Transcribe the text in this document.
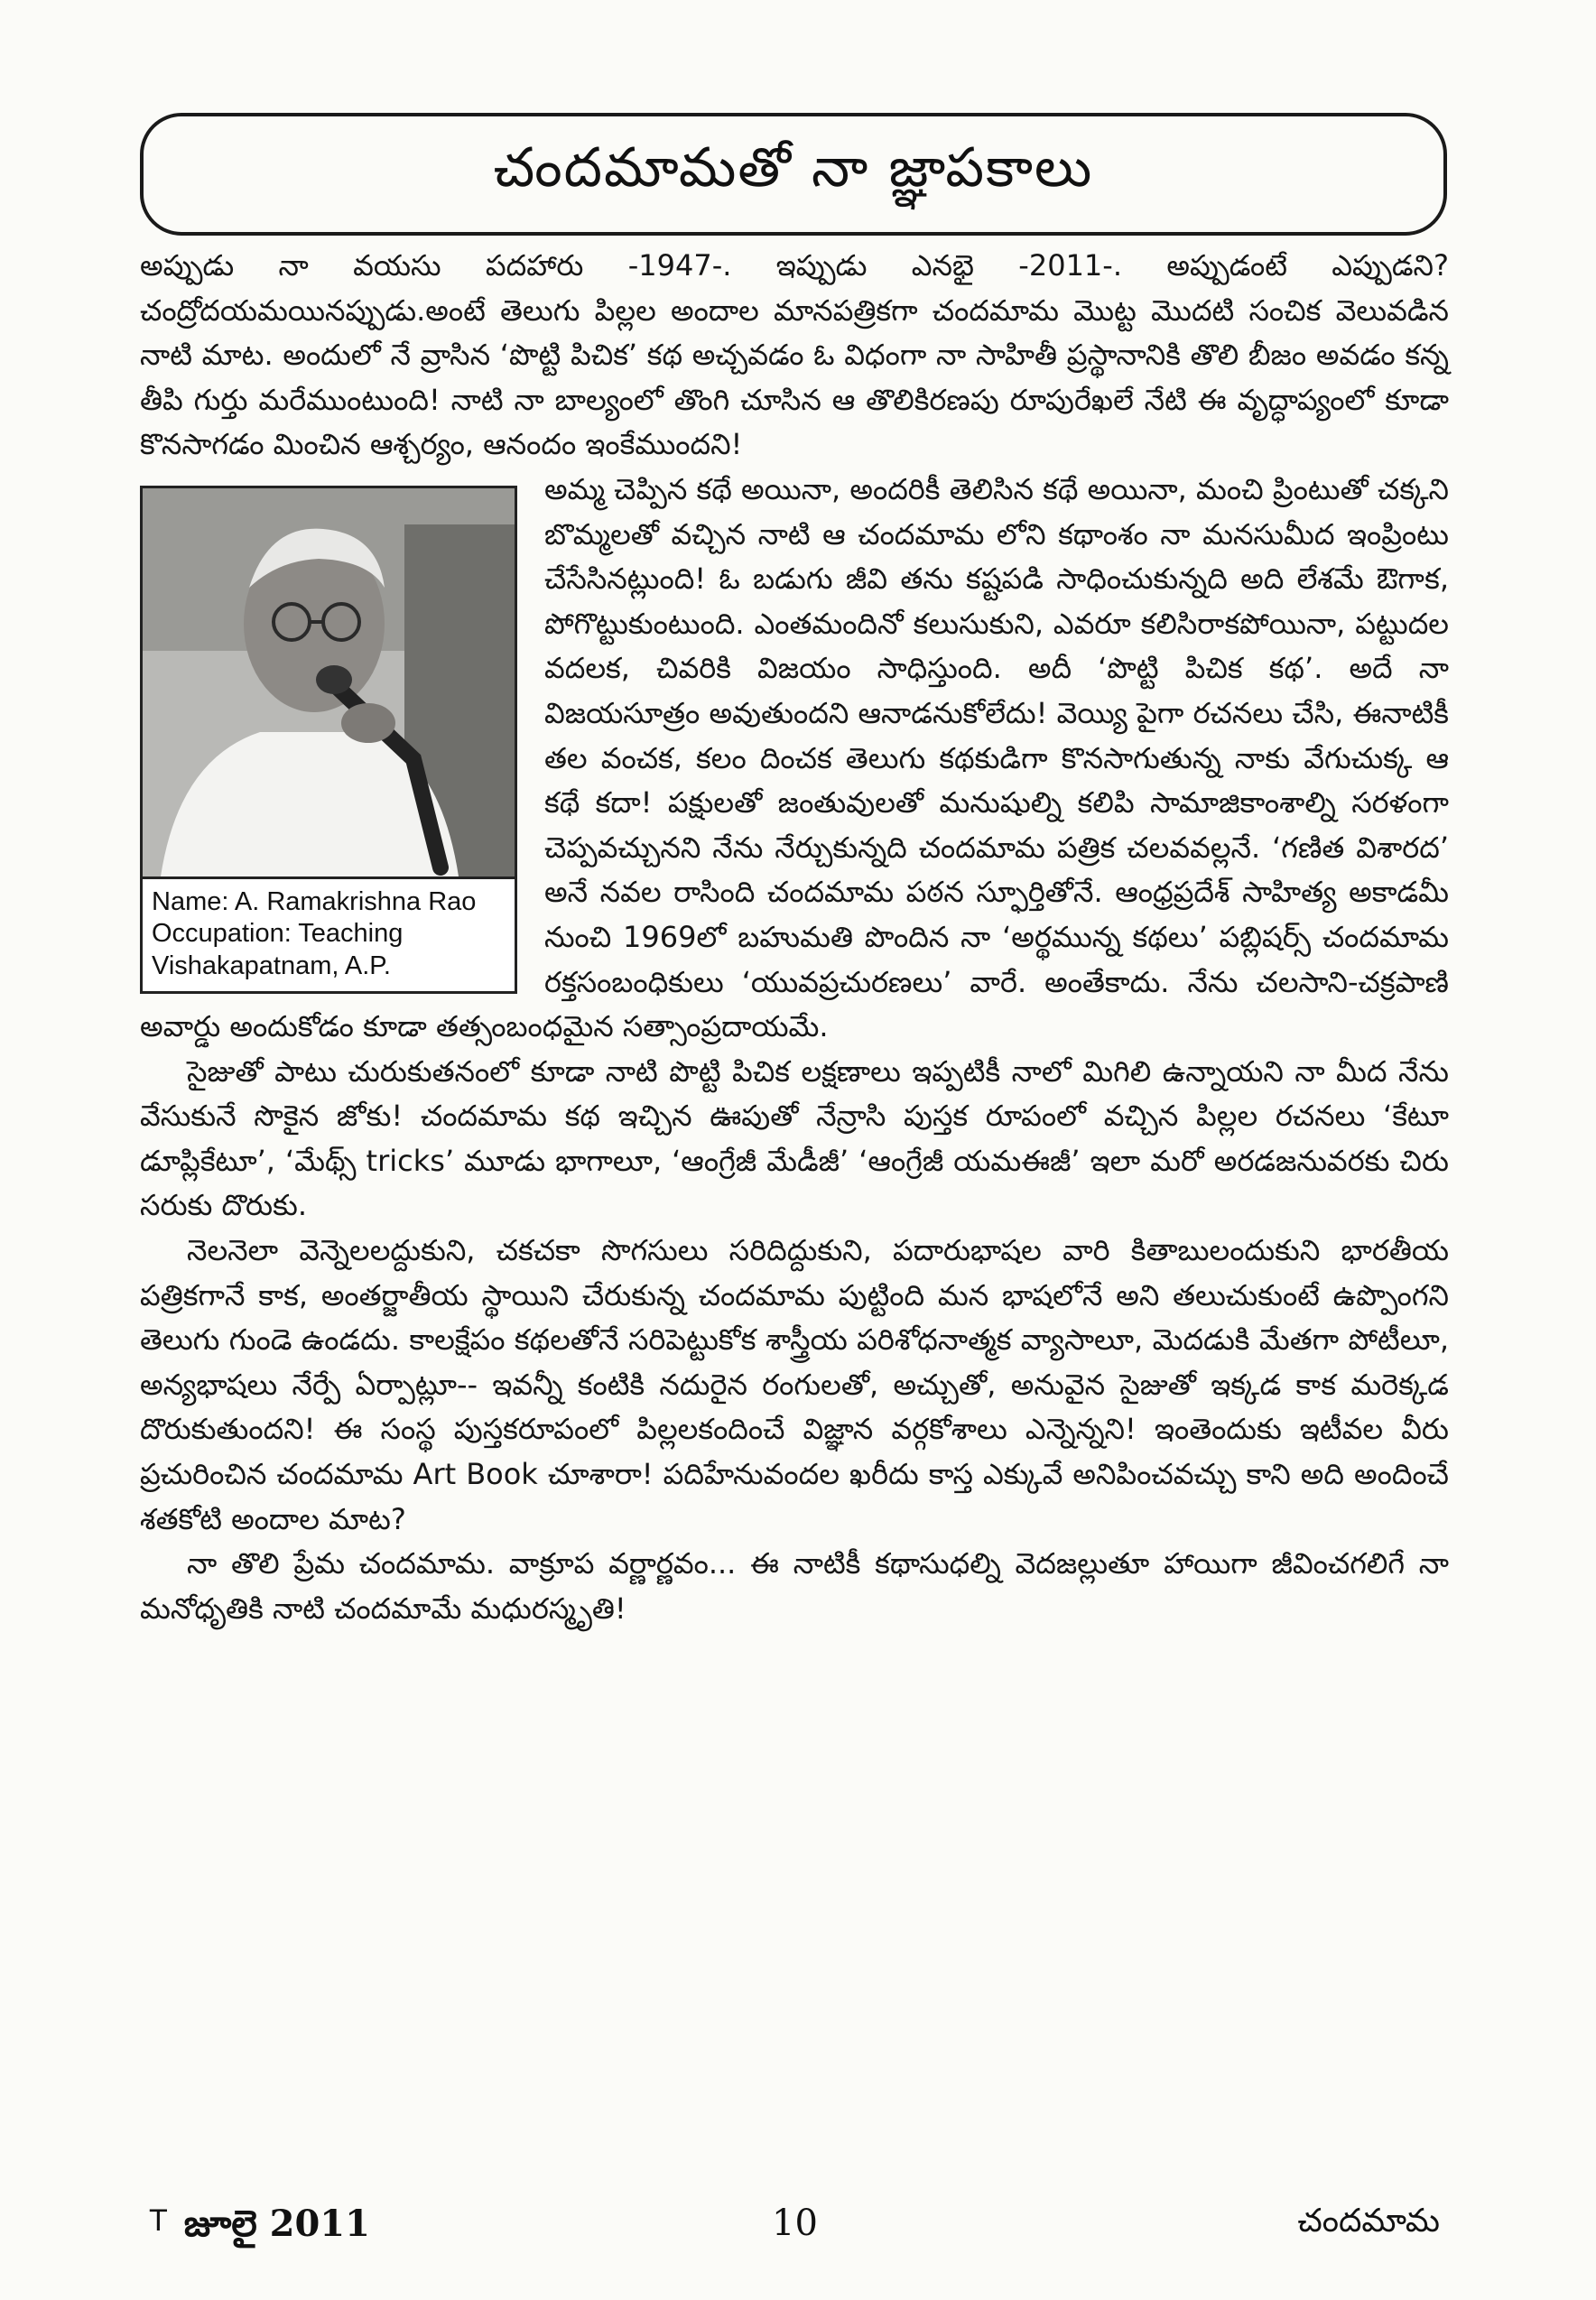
చందమామతో నా జ్ఞాపకాలు

అప్పుడు నా వయసు పదహారు -1947-. ఇప్పుడు ఎనభై -2011-. అప్పుడంటే ఎప్పుడని? చంద్రోదయమయినప్పుడు.అంటే తెలుగు పిల్లల అందాల మానపత్రికగా చందమామ మొట్ట మొదటి సంచిక వెలువడిన నాటి మాట. అందులో నే వ్రాసిన ‘పొట్టి పిచిక’ కథ అచ్చవడం ఓ విధంగా నా సాహితీ ప్రస్థానానికి తొలి బీజం అవడం కన్న తీపి గుర్తు మరేముంటుంది! నాటి నా బాల్యంలో తొంగి చూసిన ఆ తొలికిరణపు రూపురేఖలే నేటి ఈ వృద్ధాప్యంలో కూడా కొనసాగడం మించిన ఆశ్చర్యం, ఆనందం ఇంకేముందని!

Name: A. Ramakrishna Rao
Occupation: Teaching
Vishakapatnam, A.P.

అమ్మ చెప్పిన కథే అయినా, అందరికీ తెలిసిన కథే అయినా, మంచి ప్రింటుతో చక్కని బొమ్మలతో వచ్చిన నాటి ఆ చందమామ లోని కథాంశం నా మనసుమీద ఇంప్రింటు చేసేసినట్లుంది! ఓ బడుగు జీవి తను కష్టపడి సాధించుకున్నది అది లేశమే ఔగాక, పోగొట్టుకుంటుంది. ఎంతమందినో కలుసుకుని, ఎవరూ కలిసిరాకపోయినా, పట్టుదల వదలక, చివరికి విజయం సాధిస్తుంది. అదీ ‘పొట్టి పిచిక కథ’. అదే నా విజయసూత్రం అవుతుందని ఆనాడనుకోలేదు! వెయ్యి పైగా రచనలు చేసి, ఈనాటికీ తల వంచక, కలం దించక తెలుగు కథకుడిగా కొనసాగుతున్న నాకు వేగుచుక్క ఆ కథే కదా! పక్షులతో జంతువులతో మనుషుల్ని కలిపి సామాజికాంశాల్ని సరళంగా చెప్పవచ్చునని నేను నేర్చుకున్నది చందమామ పత్రిక చలవవల్లనే. ‘గణిత విశారద’ అనే నవల రాసింది చందమామ పఠన స్ఫూర్తితోనే. ఆంధ్రప్రదేశ్ సాహిత్య అకాడమీ నుంచి 1969లో బహుమతి పొందిన నా ‘అర్థమున్న కథలు’ పబ్లిషర్స్ చందమామ రక్తసంబంధికులు ‘యువప్రచురణలు’ వారే. అంతేకాదు. నేను చలసాని-చక్రపాణి అవార్డు అందుకోడం కూడా తత్సంబంధమైన సత్సాంప్రదాయమే.

సైజుతో పాటు చురుకుతనంలో కూడా నాటి పొట్టి పిచిక లక్షణాలు ఇప్పటికీ నాలో మిగిలి ఉన్నాయని నా మీద నేను వేసుకునే సొకైన జోకు! చందమామ కథ ఇచ్చిన ఊపుతో నేన్రాసి పుస్తక రూపంలో వచ్చిన పిల్లల రచనలు ‘కేటూ డూప్లికేటూ’, ‘మేథ్స్ tricks’ మూడు భాగాలూ, ‘ఆంగ్రేజీ మేడీజీ’ ‘ఆంగ్రేజీ యమఈజీ’ ఇలా మరో అరడజనువరకు చిరు సరుకు దొరుకు.

నెలనెలా వెన్నెలలద్దుకుని, చకచకా సొగసులు సరిదిద్దుకుని, పదారుభాషల వారి కితాబులందుకుని భారతీయ పత్రికగానే కాక, అంతర్జాతీయ స్థాయిని చేరుకున్న చందమామ పుట్టింది మన భాషలోనే అని తలుచుకుంటే ఉప్పొంగని తెలుగు గుండె ఉండదు. కాలక్షేపం కథలతోనే సరిపెట్టుకోక శాస్త్రీయ పరిశోధనాత్మక వ్యాసాలూ, మెదడుకి మేతగా పోటీలూ, అన్యభాషలు నేర్పే ఏర్పాట్లూ-- ఇవన్నీ కంటికి నదురైన రంగులతో, అచ్చుతో, అనువైన సైజుతో ఇక్కడ కాక మరెక్కడ దొరుకుతుందని! ఈ సంస్థ పుస్తకరూపంలో పిల్లలకందించే విజ్ఞాన వర్గకోశాలు ఎన్నెన్నని! ఇంతెందుకు ఇటీవల వీరు ప్రచురించిన చందమామ Art Book చూశారా! పదిహేనువందల ఖరీదు కాస్త ఎక్కువే అనిపించవచ్చు కాని అది అందించే శతకోటి అందాల మాట?

నా తొలి ప్రేమ చందమామ. వాక్రూప వర్ణార్ణవం... ఈ నాటికీ కథాసుధల్ని వెదజల్లుతూ హాయిగా జీవించగలిగే నా మనోధృతికి నాటి చందమామే మధురస్మృతి!

T జూలై 2011	10	చందమామ
